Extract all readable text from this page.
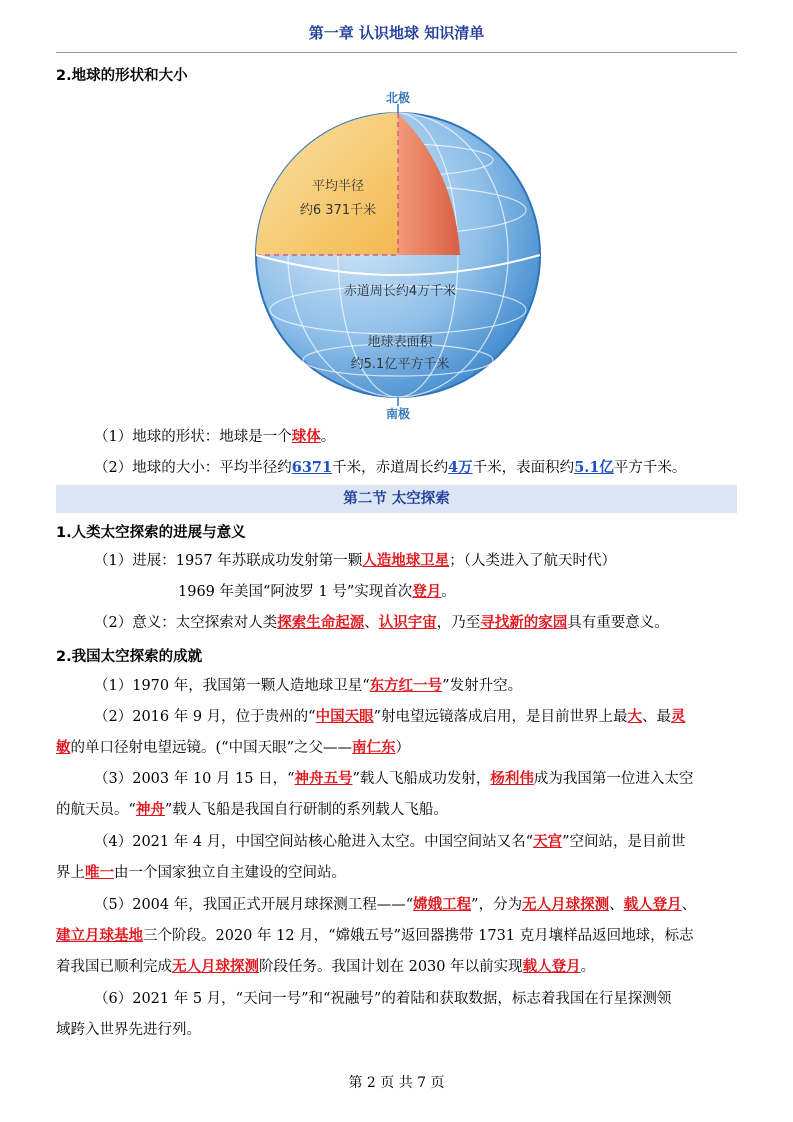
第一章 认识地球 知识清单
2.地球的形状和大小
北极
南极
平均半径
约6 371千米
赤道周长约4万千米
地球表面积
约5.1亿平方千米
（1）地球的形状：地球是一个球体。
（2）地球的大小：平均半径约6371千米，赤道周长约4万千米，表面积约5.1亿平方千米。
第二节 太空探索
1.人类太空探索的进展与意义
（1）进展：1957 年苏联成功发射第一颗人造地球卫星；（人类进入了航天时代）
1969 年美国“阿波罗 1 号”实现首次登月。
（2）意义：太空探索对人类探索生命起源、认识宇宙，乃至寻找新的家园具有重要意义。
2.我国太空探索的成就
（1）1970 年，我国第一颗人造地球卫星“东方红一号”发射升空。
（2）2016 年 9 月，位于贵州的“中国天眼”射电望远镜落成启用，是目前世界上最大、最灵
敏的单口径射电望远镜。(“中国天眼”之父——南仁东）
（3）2003 年 10 月 15 日，“神舟五号”载人飞船成功发射，杨利伟成为我国第一位进入太空
的航天员。“神舟”载人飞船是我国自行研制的系列载人飞船。
（4）2021 年 4 月，中国空间站核心舱进入太空。中国空间站又名“天宫”空间站，是目前世
界上唯一由一个国家独立自主建设的空间站。
（5）2004 年，我国正式开展月球探测工程——“嫦娥工程”，分为无人月球探测、载人登月、
建立月球基地三个阶段。2020 年 12 月，“嫦娥五号”返回器携带 1731 克月壤样品返回地球，标志
着我国已顺利完成无人月球探测阶段任务。我国计划在 2030 年以前实现载人登月。
（6）2021 年 5 月，“天问一号”和“祝融号”的着陆和获取数据，标志着我国在行星探测领
域跨入世界先进行列。
第 2 页 共 7 页
